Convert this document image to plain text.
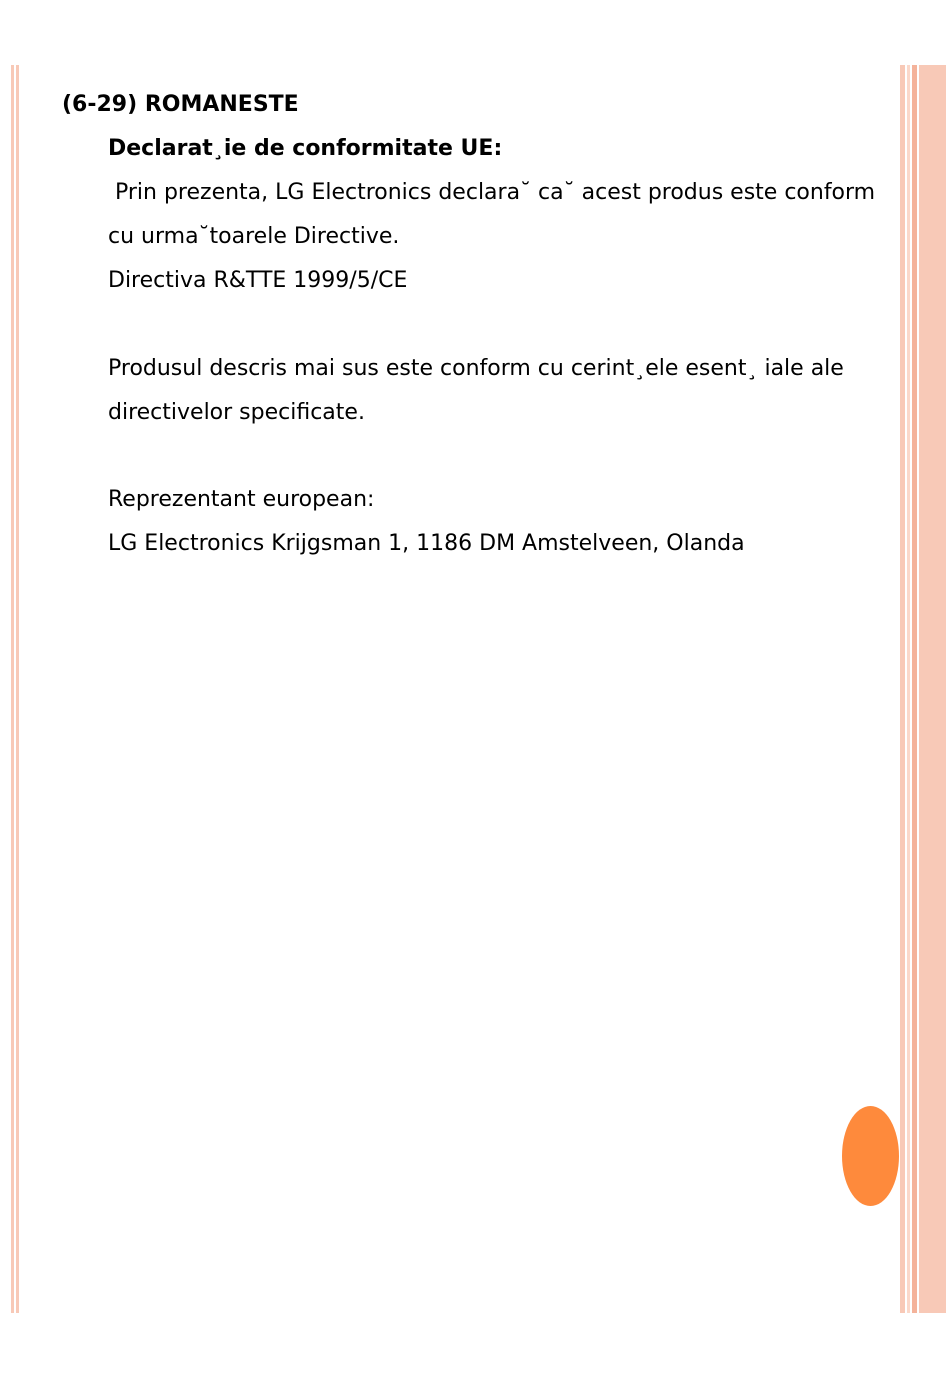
(6-29) ROMANESTE
Declarat¸ie de conformitate UE:
Prin prezenta, LG Electronics declara˘ ca˘ acest produs este conform
cu urma˘toarele Directive.
Directiva R&TTE 1999/5/CE
Produsul descris mai sus este conform cu cerint¸ele esent¸ iale ale
directivelor specificate.
Reprezentant european:
LG Electronics Krijgsman 1, 1186 DM Amstelveen, Olanda
